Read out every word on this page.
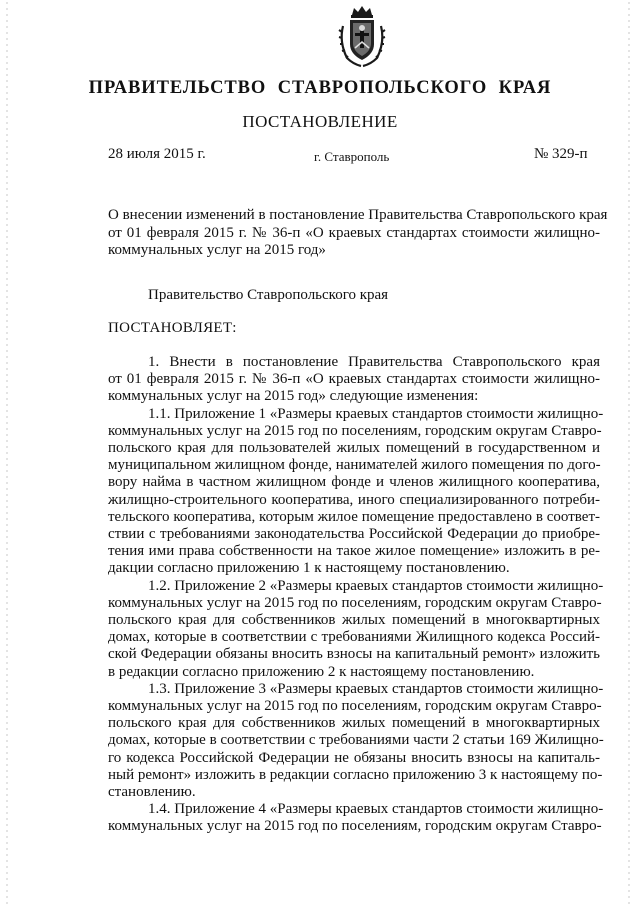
ПРАВИТЕЛЬСТВО СТАВРОПОЛЬСКОГО КРАЯ
ПОСТАНОВЛЕНИЕ
28 июля 2015 г.	г. Ставрополь	№ 329-п
О внесении изменений в постановление Правительства Ставропольского края
от 01 февраля 2015 г. № 36-п «О краевых стандартах стоимости жилищно-
коммунальных услуг на 2015 год»
Правительство Ставропольского края
ПОСТАНОВЛЯЕТ:
1. Внести в постановление Правительства Ставропольского края
от 01 февраля 2015 г. № 36-п «О краевых стандартах стоимости жилищно-
коммунальных услуг на 2015 год» следующие изменения:
1.1. Приложение 1 «Размеры краевых стандартов стоимости жилищно-
коммунальных услуг на 2015 год по поселениям, городским округам Ставро-
польского края для пользователей жилых помещений в государственном и
муниципальном жилищном фонде, нанимателей жилого помещения по дого-
вору найма в частном жилищном фонде и членов жилищного кооператива,
жилищно-строительного кооператива, иного специализированного потреби-
тельского кооператива, которым жилое помещение предоставлено в соответ-
ствии с требованиями законодательства Российской Федерации до приобре-
тения ими права собственности на такое жилое помещение» изложить в ре-
дакции согласно приложению 1 к настоящему постановлению.
1.2. Приложение 2 «Размеры краевых стандартов стоимости жилищно-
коммунальных услуг на 2015 год по поселениям, городским округам Ставро-
польского края для собственников жилых помещений в многоквартирных
домах, которые в соответствии с требованиями Жилищного кодекса Россий-
ской Федерации обязаны вносить взносы на капитальный ремонт» изложить
в редакции согласно приложению 2 к настоящему постановлению.
1.3. Приложение 3 «Размеры краевых стандартов стоимости жилищно-
коммунальных услуг на 2015 год по поселениям, городским округам Ставро-
польского края для собственников жилых помещений в многоквартирных
домах, которые в соответствии с требованиями части 2 статьи 169 Жилищно-
го кодекса Российской Федерации не обязаны вносить взносы на капиталь-
ный ремонт» изложить в редакции согласно приложению 3 к настоящему по-
становлению.
1.4. Приложение 4 «Размеры краевых стандартов стоимости жилищно-
коммунальных услуг на 2015 год по поселениям, городским округам Ставро-
